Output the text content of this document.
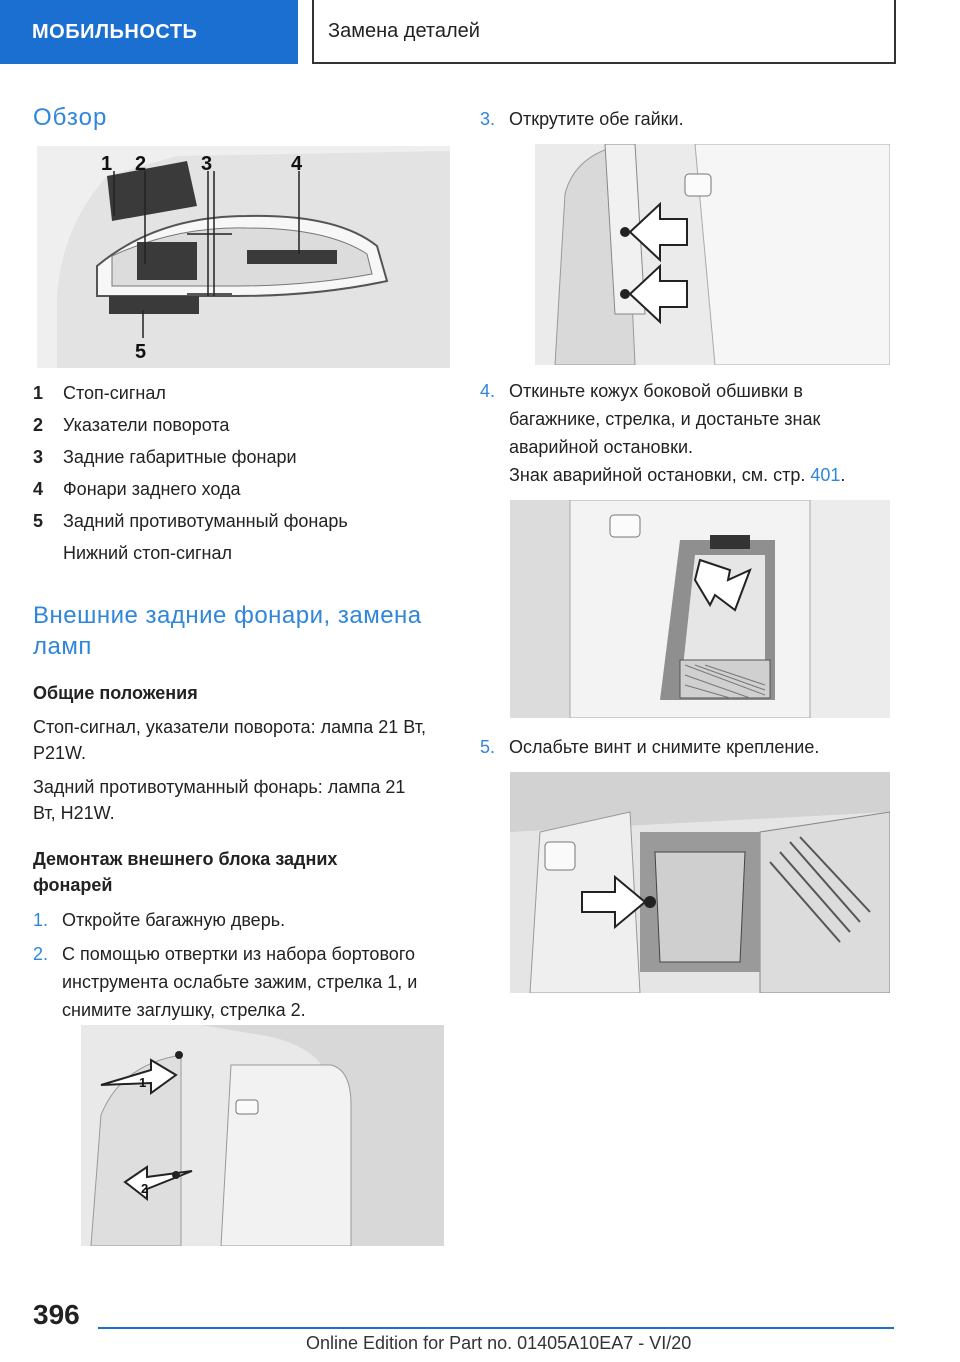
МОБИЛЬНОСТЬ	Замена деталей
Обзор
1 2	3	4
5
1	Стоп-сигнал
2	Указатели поворота
3	Задние габаритные фонари
4	Фонари заднего хода
5	Задний противотуманный фонарь
Нижний стоп-сигнал
Внешние задние фонари, замена ламп
Общие положения

Стоп-сигнал, указатели поворота: лампа 21 Вт, P21W.

Задний противотуманный фонарь: лампа 21 Вт, H21W.

Демонтаж внешнего блока задних фонарей
1. Откройте багажную дверь.
2. С помощью отвертки из набора бортового инструмента ослабьте зажим, стрелка 1, и снимите заглушку, стрелка 2.
1
2
3. Открутите обе гайки.
4. Откиньте кожух боковой обшивки в багажнике, стрелка, и достаньте знак аварийной остановки.
Знак аварийной остановки, см. стр. 401.
5. Ослабьте винт и снимите крепление.
396
Online Edition for Part no. 01405A10EA7 - VI/20
